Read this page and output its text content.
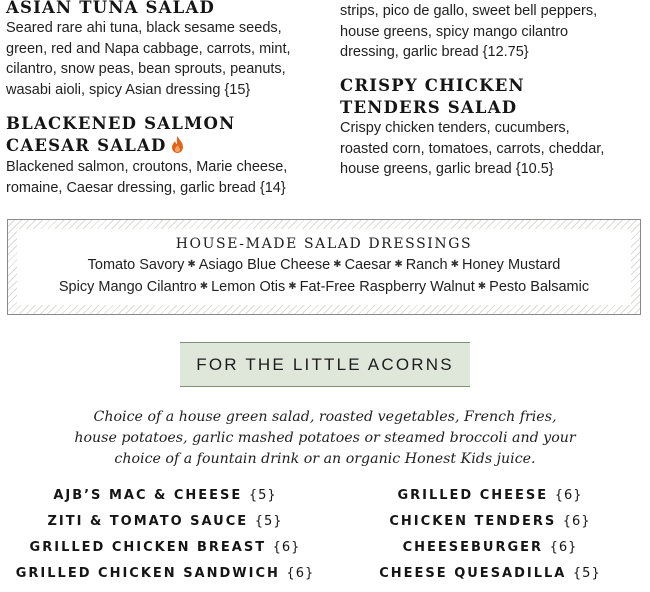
ASIAN TUNA SALAD
Seared rare ahi tuna, black sesame seeds,
green, red and Napa cabbage, carrots, mint,
cilantro, snow peas, bean sprouts, peanuts,
wasabi aioli, spicy Asian dressing {15}
BLACKENED SALMON
CAESAR SALAD
Blackened salmon, croutons, Marie cheese,
romaine, Caesar dressing, garlic bread {14}
strips, pico de gallo, sweet bell peppers,
house greens, spicy mango cilantro
dressing, garlic bread {12.75}
CRISPY CHICKEN
TENDERS SALAD
Crispy chicken tenders, cucumbers,
roasted corn, tomatoes, carrots, cheddar,
house greens, garlic bread {10.5}
HOUSE-MADE SALAD DRESSINGS
Tomato Savory ✱ Asiago Blue Cheese ✱ Caesar ✱ Ranch ✱ Honey Mustard
Spicy Mango Cilantro ✱ Lemon Otis ✱ Fat-Free Raspberry Walnut ✱ Pesto Balsamic
FOR THE LITTLE ACORNS
Choice of a house green salad, roasted vegetables, French fries,
house potatoes, garlic mashed potatoes or steamed broccoli and your
choice of a fountain drink or an organic Honest Kids juice.
AJB’S MAC & CHEESE {5}
ZITI & TOMATO SAUCE {5}
GRILLED CHICKEN BREAST {6}
GRILLED CHICKEN SANDWICH {6}
GRILLED CHEESE {6}
CHICKEN TENDERS {6}
CHEESEBURGER {6}
CHEESE QUESADILLA {5}
